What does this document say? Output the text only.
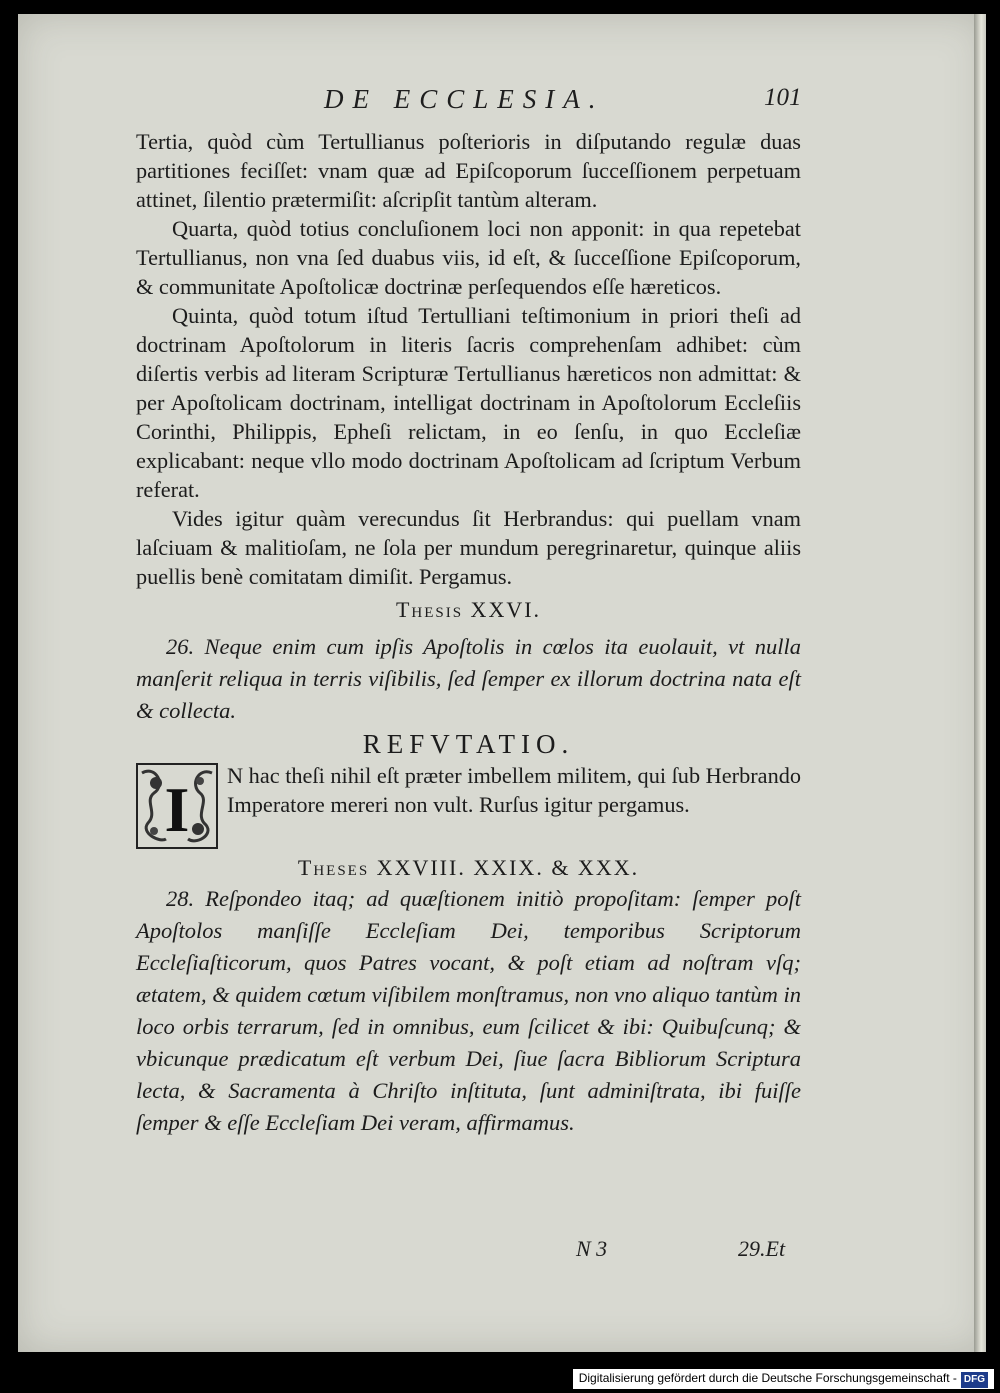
DE ECCLESIA.	101

Tertia, quòd cùm Tertullianus poſterioris in diſputando regulæ duas partitiones feciſſet: vnam quæ ad Epiſcoporum ſucceſſionem perpetuam attinet, ſilentio prætermiſit: aſcripſit tantùm alteram.

Quarta, quòd totius concluſionem loci non apponit: in qua repetebat Tertullianus, non vna ſed duabus viis, id eſt, & ſucceſſione Epiſcoporum, & communitate Apoſtolicæ doctrinæ perſequendos eſſe hæreticos.

Quinta, quòd totum iſtud Tertulliani teſtimonium in priori theſi ad doctrinam Apoſtolorum in literis ſacris comprehenſam adhibet: cùm diſertis verbis ad literam Scripturæ Tertullianus hæreticos non admittat: & per Apoſtolicam doctrinam, intelligat doctrinam in Apoſtolorum Eccleſiis Corinthi, Philippis, Epheſi relictam, in eo ſenſu, in quo Eccleſiæ explicabant: neque vllo modo doctrinam Apoſtolicam ad ſcriptum Verbum referat.

Vides igitur quàm verecundus ſit Herbrandus: qui puellam vnam laſciuam & malitioſam, ne ſola per mundum peregrinaretur, quinque aliis puellis benè comitatam dimiſit. Pergamus.

Thesis XXVI.

26. Neque enim cum ipſis Apoſtolis in cœlos ita euolauit, vt nulla manſerit reliqua in terris viſibilis, ſed ſemper ex illorum doctrina nata eſt & collecta.

REFVTATIO.

I N hac theſi nihil eſt præter imbellem militem, qui ſub Herbrando Imperatore mereri non vult. Rurſus igitur pergamus.

Theses XXVIII. XXIX. & XXX.

28. Reſpondeo itaq; ad quæſtionem initiò propoſitam: ſemper poſt Apoſtolos manſiſſe Eccleſiam Dei, temporibus Scriptorum Eccleſiaſticorum, quos Patres vocant, & poſt etiam ad noſtram vſq; ætatem, & quidem cœtum viſibilem monſtramus, non vno aliquo tantùm in loco orbis terrarum, ſed in omnibus, eum ſcilicet & ibi: Quibuſcunq; & vbicunque prædicatum eſt verbum Dei, ſiue ſacra Bibliorum Scriptura lecta, & Sacramenta à Chriſto inſtituta, ſunt adminiſtrata, ibi fuiſſe ſemper & eſſe Eccleſiam Dei veram, affirmamus.

N 3	29.Et
Digitalisierung gefördert durch die Deutsche Forschungsgemeinschaft - DFG
